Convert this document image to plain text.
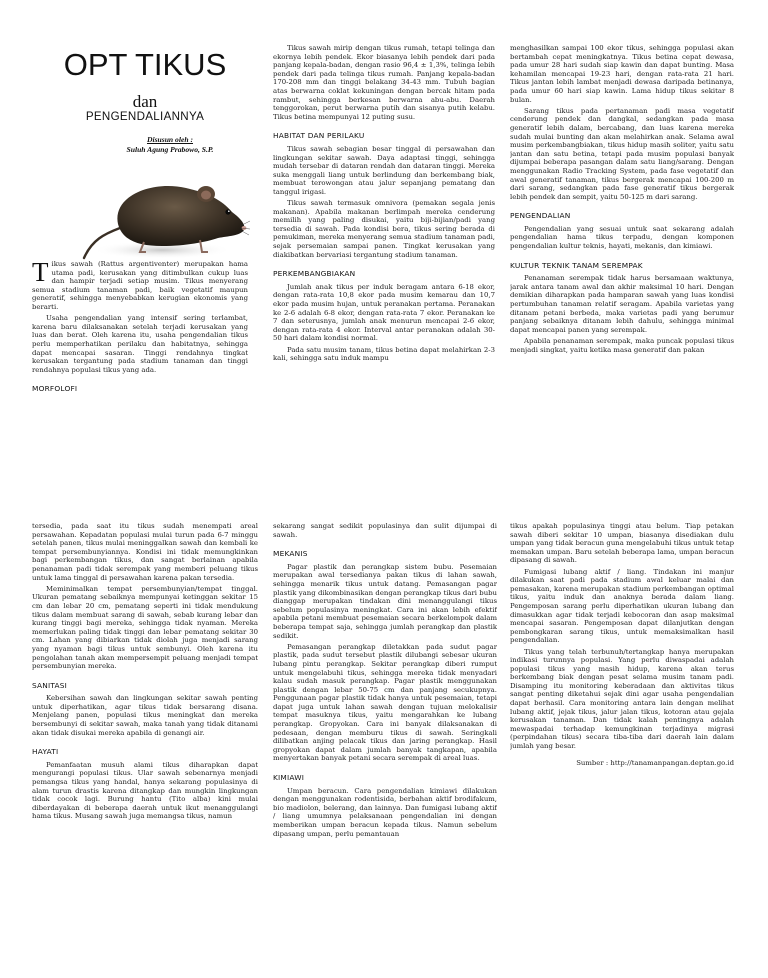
OPT TIKUS
dan
PENGENDALIANNYA
Disusun oleh :
Suluh Agung Prabowo, S.P.

Tikus sawah (Rattus argentiventer) merupakan hama utama padi, kerusakan yang ditimbulkan cukup luas dan hampir terjadi setiap musim. Tikus menyerang semua stadium tanaman padi, baik vegetatif maupun generatif, sehingga menyebabkan kerugian ekonomis yang berarti.

Usaha pengendalian yang intensif sering terlambat, karena baru dilaksanakan setelah terjadi kerusakan yang luas dan berat. Oleh karena itu, usaha pengendalian tikus perlu memperhatikan perilaku dan habitatnya, sehingga dapat mencapai sasaran. Tinggi rendahnya tingkat kerusakan tergantung pada stadium tanaman dan tinggi rendahnya populasi tikus yang ada.

MORFOLOFI

Tikus sawah mirip dengan tikus rumah, tetapi telinga dan ekornya lebih pendek. Ekor biasanya lebih pendek dari pada panjang kepala-badan, dengan rasio 96,4 ± 1,3%, telinga lebih pendek dari pada telinga tikus rumah. Panjang kepala-badan 170-208 mm dan tinggi belakang 34-43 mm. Tubuh bagian atas berwarna coklat kekuningan dengan bercak hitam pada rambut, sehingga berkesan berwarna abu-abu. Daerah tenggorokan, perut berwarna putih dan sisanya putih kelabu. Tikus betina mempunyai 12 puting susu.

HABITAT DAN PERILAKU

Tikus sawah sebagian besar tinggal di persawahan dan lingkungan sekitar sawah. Daya adaptasi tinggi, sehingga mudah tersebar di dataran rendah dan dataran tinggi. Mereka suka menggali liang untuk berlindung dan berkembang biak, membuat terowongan atau jalur sepanjang pematang dan tanggul irigasi.

Tikus sawah termasuk omnivora (pemakan segala jenis makanan). Apabila makanan berlimpah mereka cenderung memilih yang paling disukai, yaitu biji-bijian/padi yang tersedia di sawah. Pada kondisi bera, tikus sering berada di pemukiman, mereka menyerang semua stadium tanaman padi, sejak persemaian sampai panen. Tingkat kerusakan yang diakibatkan bervariasi tergantung stadium tanaman.

PERKEMBANGBIAKAN

Jumlah anak tikus per induk beragam antara 6-18 ekor, dengan rata-rata 10,8 ekor pada musim kemarau dan 10,7 ekor pada musim hujan, untuk peranakan pertama. Peranakan ke 2-6 adalah 6-8 ekor, dengan rata-rata 7 ekor. Peranakan ke 7 dan seterusnya, jumlah anak menurun mencapai 2-6 ekor, dengan rata-rata 4 ekor. Interval antar peranakan adalah 30-50 hari dalam kondisi normal.

Pada satu musim tanam, tikus betina dapat melahirkan 2-3 kali, sehingga satu induk mampu

menghasilkan sampai 100 ekor tikus, sehingga populasi akan bertambah cepat meningkatnya. Tikus betina cepat dewasa, pada umur 28 hari sudah siap kawin dan dapat bunting. Masa kehamilan mencapai 19-23 hari, dengan rata-rata 21 hari. Tikus jantan lebih lambat menjadi dewasa daripada betinanya, pada umur 60 hari siap kawin. Lama hidup tikus sekitar 8 bulan.

Sarang tikus pada pertanaman padi masa vegetatif cenderung pendek dan dangkal, sedangkan pada masa generatif lebih dalam, bercabang, dan luas karena mereka sudah mulai bunting dan akan melahirkan anak. Selama awal musim perkembangbiakan, tikus hidup masih soliter, yaitu satu jantan dan satu betina, tetapi pada musim populasi banyak dijumpai beberapa pasangan dalam satu liang/sarang. Dengan menggunakan Radio Tracking System, pada fase vegetatif dan awal generatif tanaman, tikus bergerak mencapai 100-200 m dari sarang, sedangkan pada fase generatif tikus bergerak lebih pendek dan sempit, yaitu 50-125 m dari sarang.

PENGENDALIAN

Pengendalian yang sesuai untuk saat sekarang adalah pengendalian hama tikus terpadu, dengan komponen pengendalian kultur teknis, hayati, mekanis, dan kimiawi.

KULTUR TEKNIK TANAM SEREMPAK

Penanaman serempak tidak harus bersamaan waktunya, jarak antara tanam awal dan akhir maksimal 10 hari. Dengan demikian diharapkan pada hamparan sawah yang luas kondisi pertumbuhan tanaman relatif seragam. Apabila varietas yang ditanam petani berbeda, maka varietas padi yang berumur panjang sebaiknya ditanam lebih dahulu, sehingga minimal dapat mencapai panen yang serempak.

Apabila penanaman serempak, maka puncak populasi tikus menjadi singkat, yaitu ketika masa generatif dan pakan

tersedia, pada saat itu tikus sudah menempati areal persawahan. Kepadatan populasi mulai turun pada 6-7 minggu setelah panen, tikus mulai meninggalkan sawah dan kembali ke tempat persembunyiannya. Kondisi ini tidak memungkinkan bagi perkembangan tikus, dan sangat berlainan apabila penanaman padi tidak serempak yang memberi peluang tikus untuk lama tinggal di persawahan karena pakan tersedia.

Meminimalkan tempat persembunyian/tempat tinggal. Ukuran pematang sebaiknya mempunyai ketinggan sekitar 15 cm dan lebar 20 cm, pematang seperti ini tidak mendukung tikus dalam membuat sarang di sawah, sebab kurang lebar dan kurang tinggi bagi mereka, sehingga tidak nyaman. Mereka memerlukan paling tidak tinggi dan lebar pematang sekitar 30 cm. Lahan yang dibiarkan tidak diolah juga menjadi sarang yang nyaman bagi tikus untuk sembunyi. Oleh karena itu pengolahan tanah akan mempersempit peluang menjadi tempat persembunyian mereka.

SANITASI

Kebersihan sawah dan lingkungan sekitar sawah penting untuk diperhatikan, agar tikus tidak bersarang disana. Menjelang panen, populasi tikus meningkat dan mereka bersembunyi di sekitar sawah, maka tanah yang tidak ditanami akan tidak disukai mereka apabila di genangi air.

HAYATI

Pemanfaatan musuh alami tikus diharapkan dapat mengurangi populasi tikus. Ular sawah sebenarnya menjadi pemangsa tikus yang handal, hanya sekarang populasinya di alam turun drastis karena ditangkap dan mungkin lingkungan tidak cocok lagi. Burung hantu (Tito alba) kini mulai diberdayakan di beberapa daerah untuk ikut menanggulangi hama tikus. Musang sawah juga memangsa tikus, namun

sekarang sangat sedikit populasinya dan sulit dijumpai di sawah.

MEKANIS

Pagar plastik dan perangkap sistem bubu. Pesemaian merupakan awal tersedianya pakan tikus di lahan sawah, sehingga menarik tikus untuk datang. Pemasangan pagar plastik yang dikombinasikan dengan perangkap tikus dari bubu dianggap merupakan tindakan dini menanggulangi tikus sebelum populasinya meningkat. Cara ini akan lebih efektif apabila petani membuat pesemaian secara berkelompok dalam beberapa tempat saja, sehingga jumlah perangkap dan plastik sedikit.

Pemasangan perangkap diletakkan pada sudut pagar plastik, pada sudut tersebut plastik dilubangi sebesar ukuran lubang pintu perangkap. Sekitar perangkap diberi rumput untuk mengelabuhi tikus, sehingga mereka tidak menyadari kalau sudah masuk perangkap. Pagar plastik menggunakan plastik dengan lebar 50-75 cm dan panjang secukupnya. Penggunaan pagar plastik tidak hanya untuk pesemaian, tetapi dapat juga untuk lahan sawah dengan tujuan melokalisir tempat masuknya tikus, yaitu mengarahkan ke lubang perangkap. Gropyokan. Cara ini banyak dilaksanakan di pedesaan, dengan memburu tikus di sawah. Seringkali dilibatkan anjing pelacak tikus dan jaring perangkap. Hasil gropyokan dapat dalam jumlah banyak tangkapan, apabila menyertakan banyak petani secara serempak di areal luas.

KIMIAWI

Umpan beracun. Cara pengendalian kimiawi dilakukan dengan menggunakan rodentisida, berbahan aktif brodifakum, bio madiolon, belerang, dan lainnya. Dan fumigasi lubang aktif / liang umumnya pelaksanaan pengendalian ini dengan memberikan umpan beracun kepada tikus. Namun sebelum dipasang umpan, perlu pemantauan

tikus apakah populasinya tinggi atau belum. Tiap petakan sawah diberi sekitar 10 umpan, biasanya disediakan dulu umpan yang tidak beracun guna mengelabuhi tikus untuk tetap memakan umpan. Baru setelah beberapa lama, umpan beracun dipasang di sawah.

Fumigasi lubang aktif / liang. Tindakan ini manjur dilakukan saat padi pada stadium awal keluar malai dan pemasakan, karena merupakan stadium perkembangan optimal tikus, yaitu induk dan anaknya berada dalam liang. Pengemposan sarang perlu diperhatikan ukuran lubang dan dimasukkan agar tidak terjadi kebocoran dan asap maksimal mencapai sasaran. Pengemposan dapat dilanjutkan dengan pembongkaran sarang tikus, untuk memaksimalkan hasil pengendalian.

Tikus yang telah terbunuh/tertangkap hanya merupakan indikasi turunnya populasi. Yang perlu diwaspadai adalah populasi tikus yang masih hidup, karena akan terus berkembang biak dengan pesat selama musim tanam padi. Disamping itu monitoring keberadaan dan aktivitas tikus sangat penting diketahui sejak dini agar usaha pengendalian dapat berhasil. Cara monitoring antara lain dengan melihat lubang aktif, jejak tikus, jalur jalan tikus, kotoran atau gejala kerusakan tanaman. Dan tidak kalah pentingnya adalah mewaspadai terhadap kemungkinan terjadinya migrasi (perpindahan tikus) secara tiba-tiba dari daerah lain dalam jumlah yang besar.

Sumber : http://tanamanpangan.deptan.go.id
